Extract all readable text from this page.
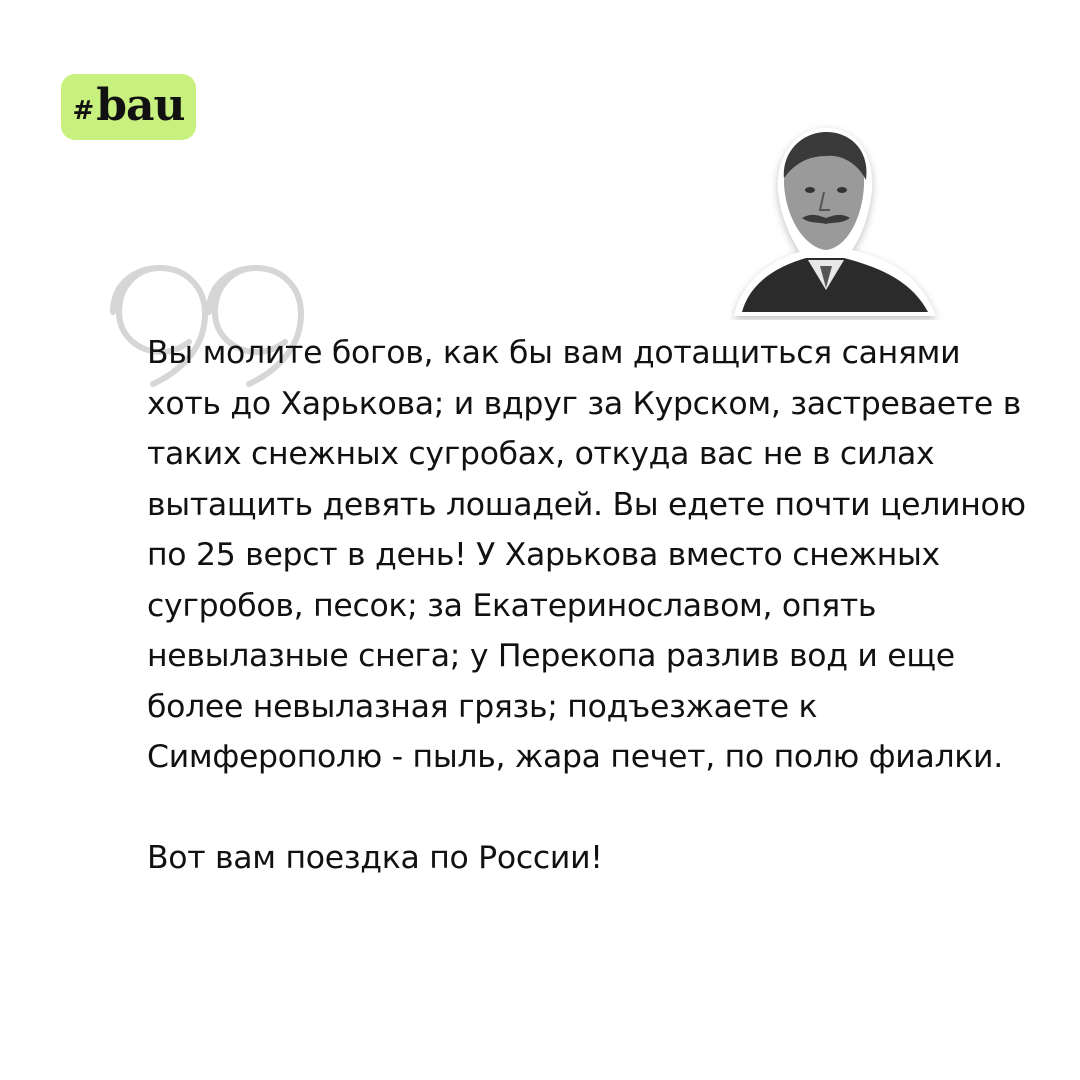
# bau

Вы молите богов, как бы вам дотащиться санями хоть до Харькова; и вдруг за Курском, застреваете в таких снежных сугробах, откуда вас не в силах вытащить девять лошадей. Вы едете почти целиною по 25 верст в день! У Харькова вместо снежных сугробов, песок; за Екатеринославом, опять невылазные снега; у Перекопа разлив вод и еще более невылазная грязь; подъезжаете к Симферополю - пыль, жара печет, по полю фиалки.

Вот вам поездка по России!
